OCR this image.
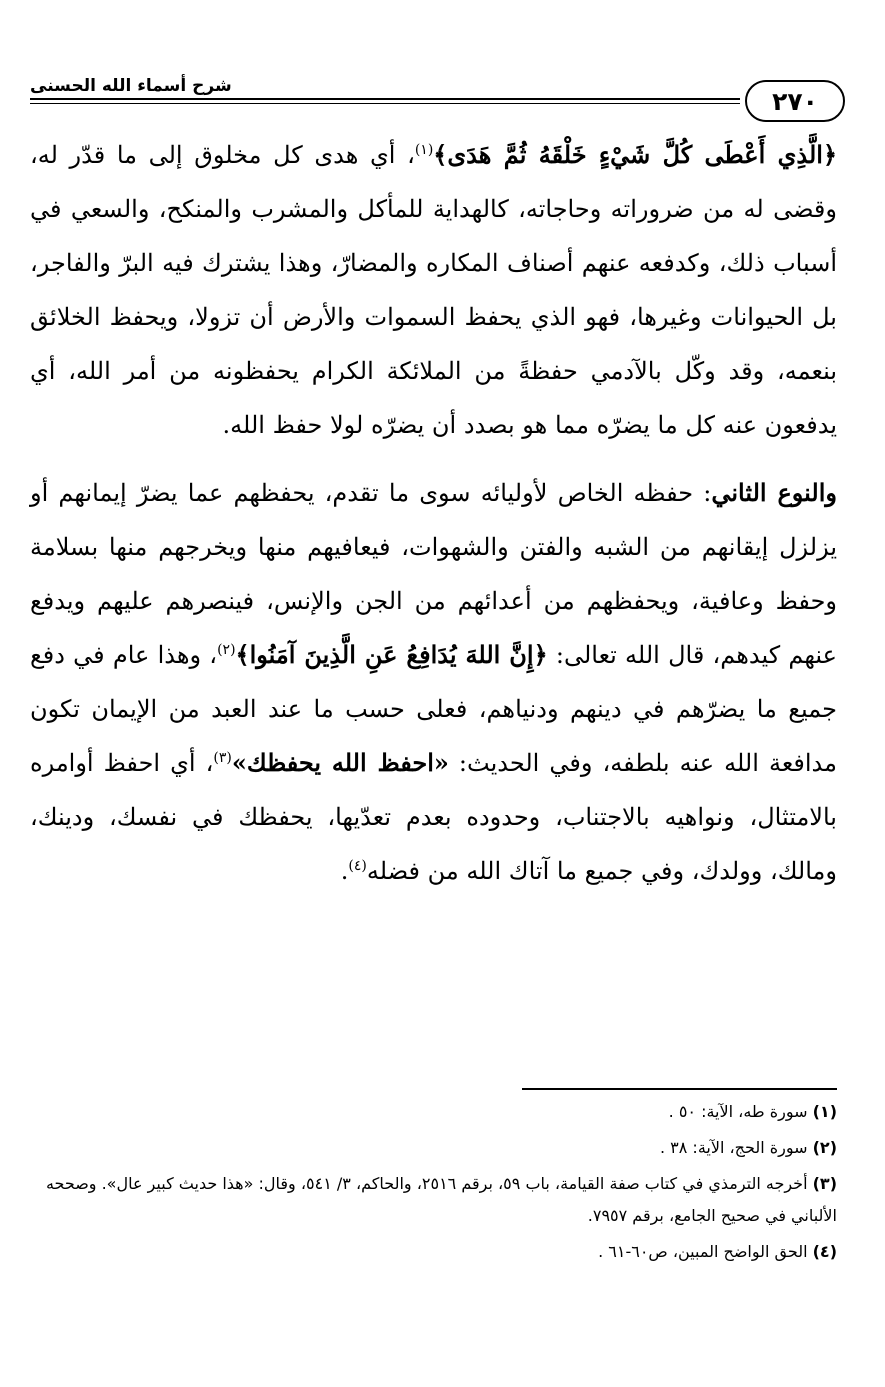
شرح أسماء الله الحسنى
٢٧٠

﴿الَّذِي أَعْطَى كُلَّ شَيْءٍ خَلْقَهُ ثُمَّ هَدَى﴾$^{(١)}$، أي هدى كل مخلوق إلى ما قدّر له، وقضى له من ضروراته وحاجاته، كالهداية للمأكل والمشرب والمنكح، والسعي في أسباب ذلك، وكدفعه عنهم أصناف المكاره والمضارّ، وهذا يشترك فيه البرّ والفاجر، بل الحيوانات وغيرها، فهو الذي يحفظ السموات والأرض أن تزولا، ويحفظ الخلائق بنعمه، وقد وكّل بالآدمي حفظةً من الملائكة الكرام يحفظونه من أمر الله، أي يدفعون عنه كل ما يضرّه مما هو بصدد أن يضرّه لولا حفظ الله.

والنوع الثاني: حفظه الخاص لأوليائه سوى ما تقدم، يحفظهم عما يضرّ إيمانهم أو يزلزل إيقانهم من الشبه والفتن والشهوات، فيعافيهم منها ويخرجهم منها بسلامة وحفظ وعافية، ويحفظهم من أعدائهم من الجن والإنس، فينصرهم عليهم ويدفع عنهم كيدهم، قال الله تعالى: ﴿إِنَّ اللهَ يُدَافِعُ عَنِ الَّذِينَ آمَنُوا﴾$^{(٢)}$، وهذا عام في دفع جميع ما يضرّهم في دينهم ودنياهم، فعلى حسب ما عند العبد من الإيمان تكون مدافعة الله عنه بلطفه، وفي الحديث: «احفظ الله يحفظك»$^{(٣)}$، أي احفظ أوامره بالامتثال، ونواهيه بالاجتناب، وحدوده بعدم تعدّيها، يحفظك في نفسك، ودينك، ومالك، وولدك، وفي جميع ما آتاك الله من فضله$^{(٤)}$.

(١) سورة طه، الآية: ٥٠ .

(٢) سورة الحج، الآية: ٣٨ .

(٣) أخرجه الترمذي في كتاب صفة القيامة، باب ٥٩، برقم ٢٥١٦، والحاكم، ٣/ ٥٤١، وقال: «هذا حديث كبير عال». وصححه الألباني في صحيح الجامع، برقم ٧٩٥٧.

(٤) الحق الواضح المبين، ص٦٠-٦١ .
